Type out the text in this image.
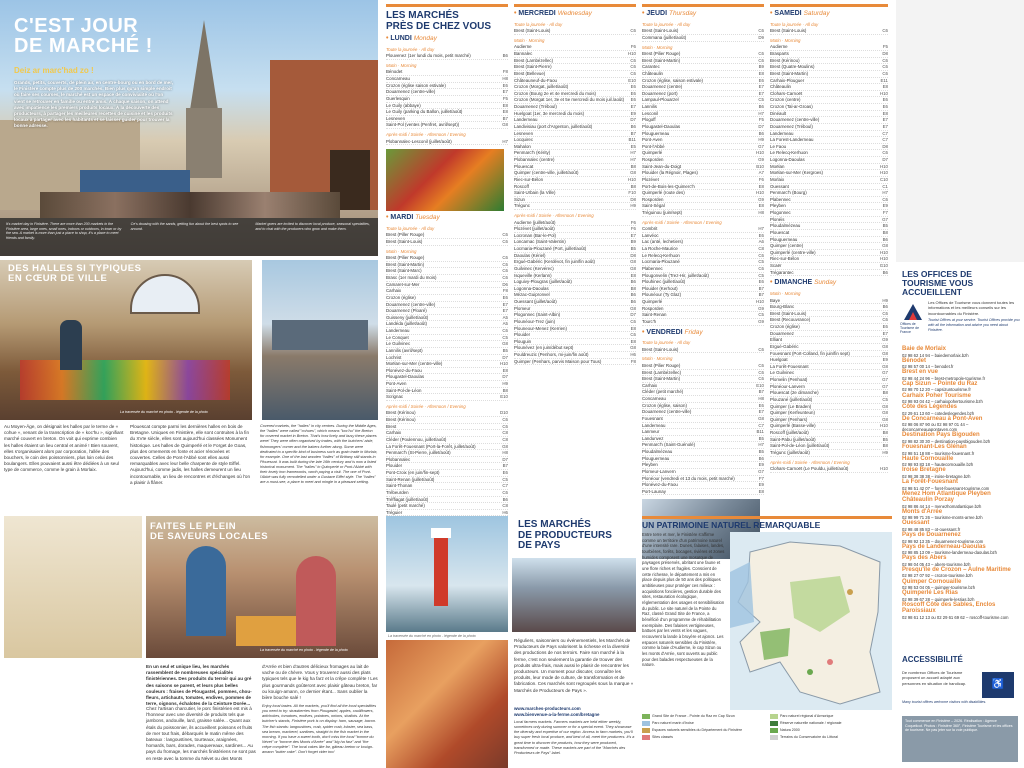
It's market day in Finistère. There are more than 200 markets in the Finistère area, large ones, small ones, indoors or outdoors, in town or by the sea. A market is more than just a place to shop, it's a place to meet friends and family.
Ce's dousing with the sands, getting fun about the best spots to see around.
Market goers are invited to discover local produce, seasonal specialties, and to chat with the producers who grow and make them.
C'EST JOUR
DE MARCHÉ !
Deiz ar marc'had zo !
Grands, petits, couverts, de plein air, en centre-bourg ou en bord de mer, le Finistère compte plus de 200 marchés. Bien plus qu'un simple endroit où faire ses courses, le marché est un espace de convivialité où l'on vient se retrouver en famille ou entre amis. À chaque saison, on attend avec impatience les premiers produits locaux. À la découverte des producteurs, à partager les meilleures recettes de cuisine et les produits locaux à partager avec les habitants et se laisser guider pour trouver la bonne adresse.
DES HALLES SI TYPIQUES
EN CŒUR DE VILLE
La traversée du marché en photo - légende de la photo
Au Moyen-Âge, on désignait les halles par le terme de « cohue », venant de la transcription de « koc'hu », signifiant marché couvert en breton. On voit qui exprime combien les halles étaient un lieu central et animé ! Bien souvent, elles s'organisaient alors par corporation, l'allée des bouchers, le coin des poissonniers, plus loin celui des boulangers. Elles pouvaient aussi être dédiées à un seul type de commerce, comme le grain à Morlaix.
Plouescat compte parmi les dernières halles en bois de Bretagne. Uniques en Finistère, elle sont contruites à la fin du XVIe siècle, elles sont aujourd'hui classées Monument historique. Les halles de Quimperlé et le Forget de Goas, plus des ornements en fonte et acier rénovées et couvertes. Celles de Pont-l'Abbé sont elles aussi remarquables avec leur belle charpente de style Eiffel. Aujourd'hui, comme jadis, les halles demeurent un lieu incontournable, un lieu de rencontres et d'échanges où l'on a plaisir à flâner.
Covered markets, the "halles" in city centres. During the Middle Ages, the "halles" were called "cohues", which means "koc'hu" the Breton for covered market in Breton. That's how lively and busy these places were! They were often organised by trades, with the butchers' aisle, fishmongers' corner and the bakers further along. Some were dedicated to a specific kind of business such as grain trade in Morlaix, for example. One of the last wooden "halles" of Brittany still stands in Plouescat. It was built during the late 16th century and is now a listed historical monument. The "halles" in Quimperlé or Pont-l'Abbé with their lovely iron frameworks, worth paying a visit. The one of Pont-l'Abbé was fully remodelled under a Gustave Eiffel style. The "halles" are a must-see, a place to meet and mingle in a pleasant setting.
FAITES LE PLEIN
DE SAVEURS LOCALES
La traversée du marché en photo - légende de la photo
En un seul et unique lieu, les marchés rassemblent de nombreuses spécialités finistériennes. Des produits du terroir qui au gré des saisons se parent, et leurs plus belles couleurs : fraises de Plougastel, pommes, chou-fleurs, artichauts, tomates, endives, pommes de terre, oignons, échalotes de la Ceinture Dorée...
Chez l'artisan charcutier, le porc finistérien est mis à l'honneur avec une diversité de produits tels que jambons, andouille, lard, graisse salée... Quant aux étals du poissonnier, ils accueillent poissons et fruits de mer tout frais, débarqués le matin même des bateaux : langoustines, tourteaux, araignées, homards, bars, dorades, maquereaux, sardines... Au pays du fromage, les marchés finistériens ne sont pas en reste avec la tomme du Névet ou des Monts
d'Arrée et bien d'autres délicieux fromages au lait de vache ou de chèvre. Vous y trouverez aussi des plats typiques tels que le kig ha farz et la crêpe complète ! Les plus gourmands goûteront avec plaisir gâteau breton, far ou kouign-amann, ce dernier étant... Sans oublier la bière bouche salé !
Enjoy local tastes. All the markets, you'll find all the local specialities you need to try: strawberries from Plougastel, apples, cauliflowers, artichokes, tomatoes, endives, potatoes, onions, shallots. At the butcher's stands, Finistère pork is on display: ham, sausage, bacon. The fish stands: langoustines, crab, spider crab, lobster, sea bass, sea bream, mackerel, sardines, straight to the fish market in the morning. If you have a sweet tooth, don't miss the local "tomme du Névet" or "tomme des Monts d'Arrée" and "kig ha farz" and "the crêpe complète". The local cakes like far, gâteau breton or kouign-amann "butter cake". Don't forget cider too!
LES MARCHÉS
PRÈS DE CHEZ VOUS
• LUNDI Monday
Toute la journée · All day
Plouvenez (1er lundi du mois, petit marché)	B6
Matin · Morning
Bénodet	F8
Concarneau	H8
Crozon (église saison estivale)	E6
Douarnenez (centre-ville)	E7
Guerlesquin	F5
Le Guily (abbaye)	E8
Le Guily (parking du Ballon, juillet/août)	E8
Lesneven	B7
Saint-Pol (ventes (Penfret, avril/sept))	G8
Après-midi / Soirée · Afternoon / Evening
Plobannalec-Lesconil (juillet/août)	H7
• MARDI Tuesday
Toute la journée · All day
Brest (Piller Rouge)	C6
Brest (Saint-Louis)	C6
Matin · Morning
Brest (Pilier Rouge)	C6
Brest (Saint-Martin)	C6
Brest (Saint-Marc)	C6
Brasc (1er mardi du mois)	C6
Camaret-sur-Mer	D6
Carhaix	F8
Crozon (église)	E6
Douarnenez (centre-ville)	E7
Douarnenez (Ploaré)	E7
Guisseny (juillet/août)	A5
Landéda (juillet/août)	A5
Landerneau	C6
Le Conquet	C5
Le Guilvinec	G8
Lannilis (avril/sept)	B5
Lochrist	D7
Moëlan-sur-Mer (centre-ville)	H10
Plonévez-du-Faou	E8
Plougastel-Daoulas	D7
Pont-Aven	H9
Saint-Pol-de-Léon	B8
Scrignac	E10
Après-midi / Soirée · Afternoon / Evening
Brest (Kérinou)	D10
Brest (Kérinou)	C6
Brest	C6
Carhaix	C8
Cléder (Poulennou, juillet/août)	C8
La Forêt-Fouesnant (Port-la-Forêt, juillet/août)	G8
Penmarc'h (St-Pierre, juillet/août)	H8
Plobannalec	D7
Plouider	B7
Pont-Croix (en juin/fin-sept)	E6
Saint-Renan (juillet/août)	C5
Saint-Thonan	C7
Trébeurden	C6
Tréffiagat (juillet/août)	B6
Taulé (petit marché)	C8
Tréguier	H6
• MERCREDI Wednesday
Toute la journée · All day
Brest (Saint-Louis)	C6
Matin · Morning
Audierne	F6
Bannalec	H10
Brest (Lambézellec)	C6
Brest (Saint-Pierre)	C6
Brest (Bellevue)	C6
Châteauneuf-du-Faou	E10
Crozon (Morgat, juillet/août)	E6
Crozon (Bourg 2e et 4e mercredi du mois)	E6
Crozon (Morgat 1er, 3e et 5e mercredi du mois juil./août)	E6
Douarnenez (Tréboul)	E7
Huelgoat (1er, 3e mercredi du mois)	E9
Landerneau	D7
Landivisiau (port d'Argenton, juillet/août)	B6
Lesneven	B7
Locquirec	B11
Mahalon	E5
Penmarc'h (Kérity)	H7
Plobannalec (centre)	H7
Plouescat	B8
Quimper (centre-ville, juillet/août)	G8
Riec-sur-Bélon	H10
Roscoff	B8
Saint-Urbain (la Ville)	F10
Sizun	D8
Trégunc	H9
Après-midi / Soirée · Afternoon / Evening
Audierne (juillet/août)	F6
Plozévet (juillet/août)	F6
Locronan (Bar-le-Pol)	E7
Loncarnac (Saint-Valentin)	B9
Locmaria-Plouzané (Port, juillet/août)	B5
Daoulas (Kériel)	D8
Ergué-Gabéric (Kerdévot, fin juin/fin août)	G8
Guilvinec (Kervérec)	G8
Isqueville (Kerlann)	E8
Loguivy-Plougras (juillet/août)	B6
Logonna-Daoulas	B8
Mézac-Guipronvel	B6
Ouessant (juillet/août)	B6
Plomeur	G8
Plogonnec (Saint-Albin)	D7
Plounéour-Trez (juin)	C6
Plouneour-Menez (Kerrien)	E8
Plouider	C6
Plouguin	E8
Plounévez (en juin/début sept)	G8
Pouldreuzic (Penhors, mi-juin/fin août)	H6
Quimper (Penhars, parvis Maison pour Tous)	F8
• JEUDI Thursday
Toute la journée · All day
Brest (Saint-Louis)	C6
Commana (juillet/août)	D9
Matin · Morning
Brest (Pilier Rouge)	C6
Brest (Saint-Martin)	C6
Carantec	B9
Châteaulin	E8
Crozon (église, saison estivale)	E6
Douarnenez (centre)	E7
Douarnenez (port)	E7
Lampaul-Plouarzel	C5
Lannilis	B6
Lesconil	H7
Plogoff	F5
Plougastel-Daoulas	D7
Plouguerneau	B6
Pont-Aven	H9
Pont-l'Abbé	G7
Quimperlé	H10
Rosporden	G9
Saint-Jean-du-Doigt	B10
Plouider (la Régnoir, Plages)	A7
Plozévet	F6
Port-de-Bois-les-Quimerc'h	E8
Quimperlé (route des)	H10
Rosporden	G9
Saint-Ségal	E8
Tréguinou (juin/sept)	H8
Après-midi / Soirée · Afternoon / Evening
Combrit	H7
Lanvéoc	E6
Lac (anté, lechetiers)	A6
La Roche-Maurice	C8
Le Relecq-Kerhuon	C6
Locmaria-Plouzané	C5
Plabennec	C6
Plougonvelin (Trez-Hir, juillet/août)	C5
Plouhinec (juillet/août)	E6
Plouider (Kerhout)	B7
Plounéour (Ty Glaz)	B7
Quimperlé	H10
Rosporden	G9
Saint-Renan	C5
Tourc'h	G9
• VENDREDI Friday
Toute la journée · All day
Brest (Saint-Louis)	C6
Matin · Morning
Brest (Pilier Rouge)	C6
Brest (Lambézellec)	C6
Brest (Saint-Martin)	C6
Carhaix	E10
Cléder (petit marché)	B7
Concarneau	H8
Crozon (église, saison)	E6
Douarnenez (centre-ville)	E7
Fouesnant	G8
Landerneau	C7
Lanmeur	B11
Landunvez	B5
Penmarc'h (Saint-Guénolé)	H7
Ploudalmézeau	B5
Plouguerneau	B6
Pleyben	E9
Plomeur-Lanvern	G7
Plonéour (vendredi et 13 du mois, petit marché)	F7
Plonévez-du-Faou	E9
Port-Launay	E8
• SAMEDI Saturday
Toute la journée · All day
Brest (Saint-Louis)	C6
Matin · Morning
Audierne	F5
Brasparts	D8
Brest (Kérinou)	C6
Brest (Quatre-Moulins)	C6
Brest (Saint-Martin)	C6
Carhaix-Plouguer	E11
Châteaulin	E8
Clohars-Carnoët	H10
Crozon (centre)	E6
Crozon (Tal-ar-Groas)	E6
Dinéault	E8
Douarnenez (centre-ville)	E7
Douarnenez (Tréboul)	E7
Landerneau	C7
La Forest-Landerneau	C7
Le Faou	D8
Le Relecq-Kerhuon	C6
Logonna-Daoulas	D7
Moëlan	H10
Moëlan-sur-Mer (Kergroes)	H10
Morlaix	C10
Ouessant	C1
Penmarc'h (Bourg)	H7
Plabennec	C6
Pleyben	E9
Plogonnec	F7
Plonéis	G7
Ploudalmézeau	B5
Plouescat	B8
Plouguerneau	B6
Quimper (centre)	G8
Quimperlé (centre-ville)	H10
Riec-sur-Bélon	H10
Scaër	G10
Trégarantec	B6
• DIMANCHE Sunday
Matin · Morning
Baye	H9
Bourg-Blanc	B6
Brest (Saint-Louis)	C6
Brest (Recouvrance)	C6
Crozon (église)	E6
Douarnenez	E7
Elliant	G9
Ergué-Gabéric	G8
Fouesnant (Port-Colland, fin juin/fin sept)	G8
Huelgoat	E9
La Forêt-Fouesnant	G8
Le Guilvinec	G7
Plomelin (Penhoat)	G7
Plonéour-Lanvern	G7
Plouescat (2e dimanche)	B8
Plouzané (juillet/août)	C5
Quimper (Le Braden)	G8
Quimper (Kerfeunteun)	G8
Quimper (Penhars)	G8
Quimperlé (Basse-ville)	H10
Roscoff (juillet/août)	B8
Saint-Pabu (juillet/août)	B5
Saint-Pol-de-Léon (juillet/août)	B8
Trégunc (juillet/août)	H9
Après-midi / Soirée · Afternoon / Evening
Clohars-Carnoët (Le Pouldu, juillet/août)	H10
LES MARCHÉS
DE PRODUCTEURS
DE PAYS
La traversée du marché en photo - légende de la photo
Réguliers, saisonniers ou événementiels, les Marchés de Producteurs de Pays valorisent la richesse et la diversité des productions de nos terroirs. Faire son marché à la ferme, c'est non seulement la garantie de trouver des produits ultra-frais, mais aussi le plaisir de rencontrer les producteurs. Un moment pour discuter, connaître les produits, leur mode de culture, de transformation et de fabrication. Ces marchés sont regroupés sous la marque « Marchés de Producteurs de Pays ».
www.marches-producteurs.com
www.bienvenue-a-la-ferme.com/bretagne
Local farmers markets. Farmers markets are held either weekly, sometimes only during summer or for a special event. They showcase the diversity and expertise of our region. Access to farm markets, you'll buy super fresh local produce, and best of all, meet the producers. It's a great time to discover the products, how they were produced, transformed or made. These markets are part of the "Marchés des Producteurs de Pays" label.
UN PATRIMOINE NATUREL REMARQUABLE
Entre terre et mer, le Finistère s'affirme comme un territoire d'un patrimoine naturel d'une intensité rare. Dunes, falaises, landes, tourbières, forêts, bocages, rivières et zones humides composent une mosaïque de paysages préservés, abritant une faune et une flore riches et fragiles. Conscient de cette richesse, le département a mis en place depuis plus de 50 ans des politiques ambitieuses pour protéger ces milieux : acquisitions foncières, gestion durable des sites, restauration écologique, réglementation des usages et sensibilisation du public. Le site naturel de la Pointe du Raz, classé Grand Site de France, a bénéficié d'un programme de réhabilitation exemplaire. Des falaises vertigineuses, battues par les vents et les vagues, recouvrent la lande à bruyère et ajoncs. Les espaces naturels sensibles du Finistère, comme la baie d'Audierne, le cap Sizun ou les monts d'Arrée, sont ouverts au public pour des balades respectueuses de la nature.
Grand Site de France - Pointe du Raz en Cap Sizun	Parc naturel régional d'Armorique
Parc naturel marin d'Iroise	Réserve naturelle nationale / régionale
Espaces naturels sensibles du Département du Finistère	Natura 2000
Sites classés	Terrains du Conservatoire du Littoral
LES OFFICES DE
TOURISME VOUS
ACCUEILLENT
Les Offices de Tourisme vous donnent toutes les informations et les meilleurs conseils sur les incontournables du Finistère.
Offices de Tourisme de France
Tourist Offices at your service. Tourist Offices provide you with all the information and advice you need about Finistère.
Baie de Morlaix
02 98 62 14 94 – baiedemorlaix.bzh
Bénodet
02 98 57 00 14 – benodet.fr
Brest en vue
02 98 44 24 96 – brest-metropole-tourisme.fr
Cap Sizun – Pointe du Raz
02 98 70 12 20 – capsizuntourisme.fr
Carhaix Poher Tourisme
02 98 93 04 42 – carhaixpohertourisme.bzh
Côte des Légendes
02 29 61 13 60 – cotedeslegendes.bzh
De Concarneau à Pont-Aven
02 98 06 87 90 ou 02 98 97 01 44 – deconcarneauapontaven.com
Destination Pays Bigouden
02 98 82 30 30 – destination-paysbigouden.bzh
Fouesnant-Les Glénan
02 98 51 18 88 – tourisme-fouesnant.fr
Haute Cornouaille
02 98 93 83 18 – hautecornouaille.bzh
Iroise Bretagne
02 98 38 38 38 – iroise-bretagne.bzh
La Forêt-Fouesnant
02 98 51 42 07 – foret-fouesnant-tourisme.com
Menez Hom Atlantique Pleyben Châteaulin Porzay
02 98 86 44 14 – menezhomatlantique.bzh
Monts d'Arrée
02 98 99 71 26 – tourisme-monts-arree.bzh
Ouessant
02 98 48 85 83 – ot-ouessant.fr
Pays de Douarnenez
02 98 92 13 35 – douarnenez-tourisme.com
Pays de Landerneau-Daoulas
02 98 85 13 09 – tourisme-landerneau-daoulas.bzh
Pays des Abers
02 98 04 05 43 – abers-tourisme.bzh
Presqu'île de Crozon – Aulne Maritime
02 98 27 07 92 – crozon-tourisme.bzh
Quimper Cornouaille
02 98 53 04 05 – quimper-tourisme.bzh
Quimperlé Les Rias
02 98 39 67 28 – quimperle-lesrias.bzh
Roscoff Côte des Sables, Enclos Paroissiaux
02 98 61 12 13 ou 02 29 61 69 62 – roscoff-tourisme.com
ACCESSIBILITÉ
De nombreux Offices de Tourisme proposent un accueil adapté aux personnes en situation de handicap.	♿
Many tourist offices welcome visitors with disabilities.
Tout commence en Finistère – 2026. Réalisation : Agence Coquelicot. Photos : Finistère 360°, Finistère Tourisme et les offices de tourisme. Ne pas jeter sur la voie publique.
